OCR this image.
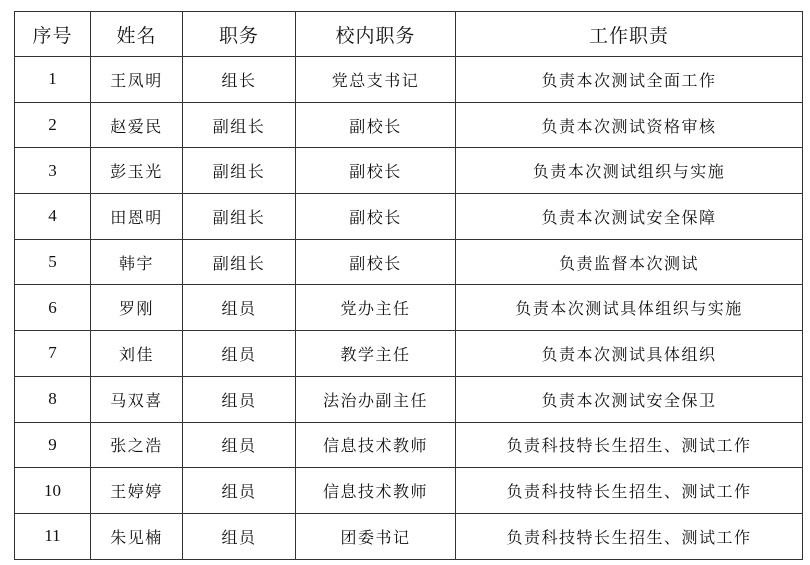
序号	姓名	职务	校内职务	工作职责
1	王凤明	组长	党总支书记	负责本次测试全面工作
2	赵爱民	副组长	副校长	负责本次测试资格审核
3	彭玉光	副组长	副校长	负责本次测试组织与实施
4	田恩明	副组长	副校长	负责本次测试安全保障
5	韩宇	副组长	副校长	负责监督本次测试
6	罗刚	组员	党办主任	负责本次测试具体组织与实施
7	刘佳	组员	教学主任	负责本次测试具体组织
8	马双喜	组员	法治办副主任	负责本次测试安全保卫
9	张之浩	组员	信息技术教师	负责科技特长生招生、测试工作
10	王婷婷	组员	信息技术教师	负责科技特长生招生、测试工作
11	朱见楠	组员	团委书记	负责科技特长生招生、测试工作
